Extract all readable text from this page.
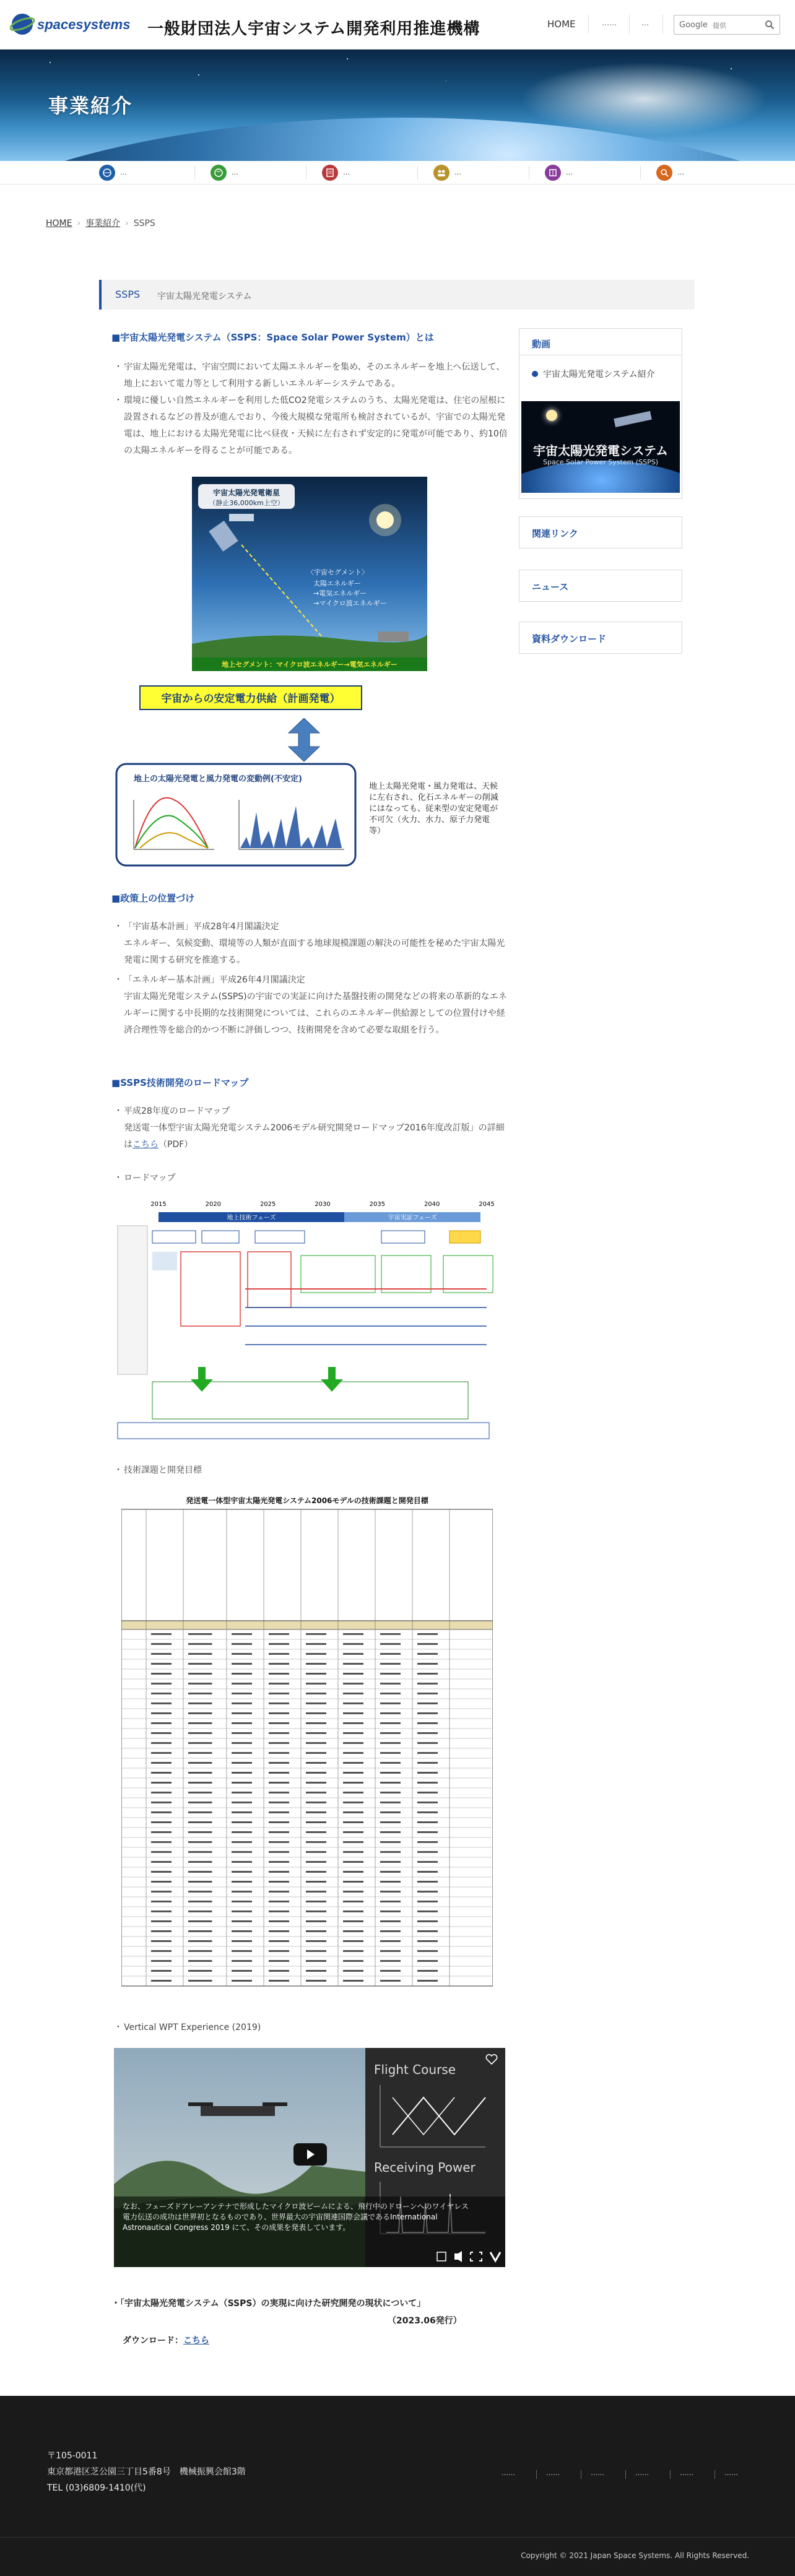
spacesystems 一般財団法人宇宙システム開発利用推進機構	HOME	……	…	Google
提供
事業紹介
…	…	…	…	…	…
HOME › 事業紹介 › SSPS
SSPS 宇宙太陽光発電システム
■宇宙太陽光発電システム（SSPS：Space Solar Power System）とは
・ 宇宙太陽光発電は、宇宙空間において太陽エネルギーを集め、そのエネルギーを地上へ伝送して、地上において電力等として利用する新しいエネルギーシステムである。
・ 環境に優しい自然エネルギーを利用した低CO2発電システムのうち、太陽光発電は、住宅の屋根に設置されるなどの普及が進んでおり、今後大規模な発電所も検討されているが、宇宙での太陽光発電は、地上における太陽光発電に比べ昼夜・天候に左右されず安定的に発電が可能であり、約10倍の太陽エネルギーを得ることが可能である。
宇宙太陽光発電衛星
（静止36,000km上空）
〈宇宙セグメント〉
太陽エネルギー
→電気エネルギー
→マイクロ波エネルギー
地上セグメント：マイクロ波エネルギー→電気エネルギー
宇宙からの安定電力供給（計画発電）
地上の太陽光発電と風力発電の変動例(不安定)
地上太陽光発電・風力発電は、天候に左右され、化石エネルギーの削減にはなっても、従来型の安定発電が不可欠（火力、水力、原子力発電等）
■政策上の位置づけ
・ 「宇宙基本計画」平成28年4月閣議決定
エネルギー、気候変動、環境等の人類が直面する地球規模課題の解決の可能性を秘めた宇宙太陽光発電に関する研究を推進する。
・ 「エネルギー基本計画」平成26年4月閣議決定
宇宙太陽光発電システム(SSPS)の宇宙での実証に向けた基盤技術の開発などの将来の革新的なエネルギーに関する中長期的な技術開発については、これらのエネルギー供給源としての位置付けや経済合理性等を総合的かつ不断に評価しつつ、技術開発を含めて必要な取組を行う。
■SSPS技術開発のロードマップ
・ 平成28年度のロードマップ
発送電一体型宇宙太陽光発電システム2006モデル研究開発ロードマップ2016年度改訂版」の詳細はこちら（PDF）
・ ロードマップ
2015	2020	2025	2030	2035	2040	2045
地上技術フェーズ	宇宙実証フェーズ
・ 技術課題と開発目標
発送電一体型宇宙太陽光発電システム2006モデルの技術課題と開発目標
・ Vertical WPT Experience (2019)
Flight Course
Receiving Power
なお、フェーズドアレーアンテナで形成したマイクロ波ビームによる、飛行中のドローンへのワイヤレス電力伝送の成功は世界初となるものであり、世界最大の宇宙関連国際会議であるInternational Astronautical Congress 2019 にて、その成果を発表しています。
・「宇宙太陽光発電システム（SSPS）の実現に向けた研究開発の現状について」
（2023.06発行）
ダウンロード：こちら
動画
宇宙太陽光発電システム紹介
宇宙太陽光発電システム
Space Solar Power System (SSPS)
関連リンク
ニュース
資料ダウンロード
〒105-0011
東京都港区芝公園三丁目5番8号　機械振興会館3階
TEL (03)6809-1410(代)
……	……	……	……	……	……
Copyright © 2021 Japan Space Systems. All Rights Reserved.
